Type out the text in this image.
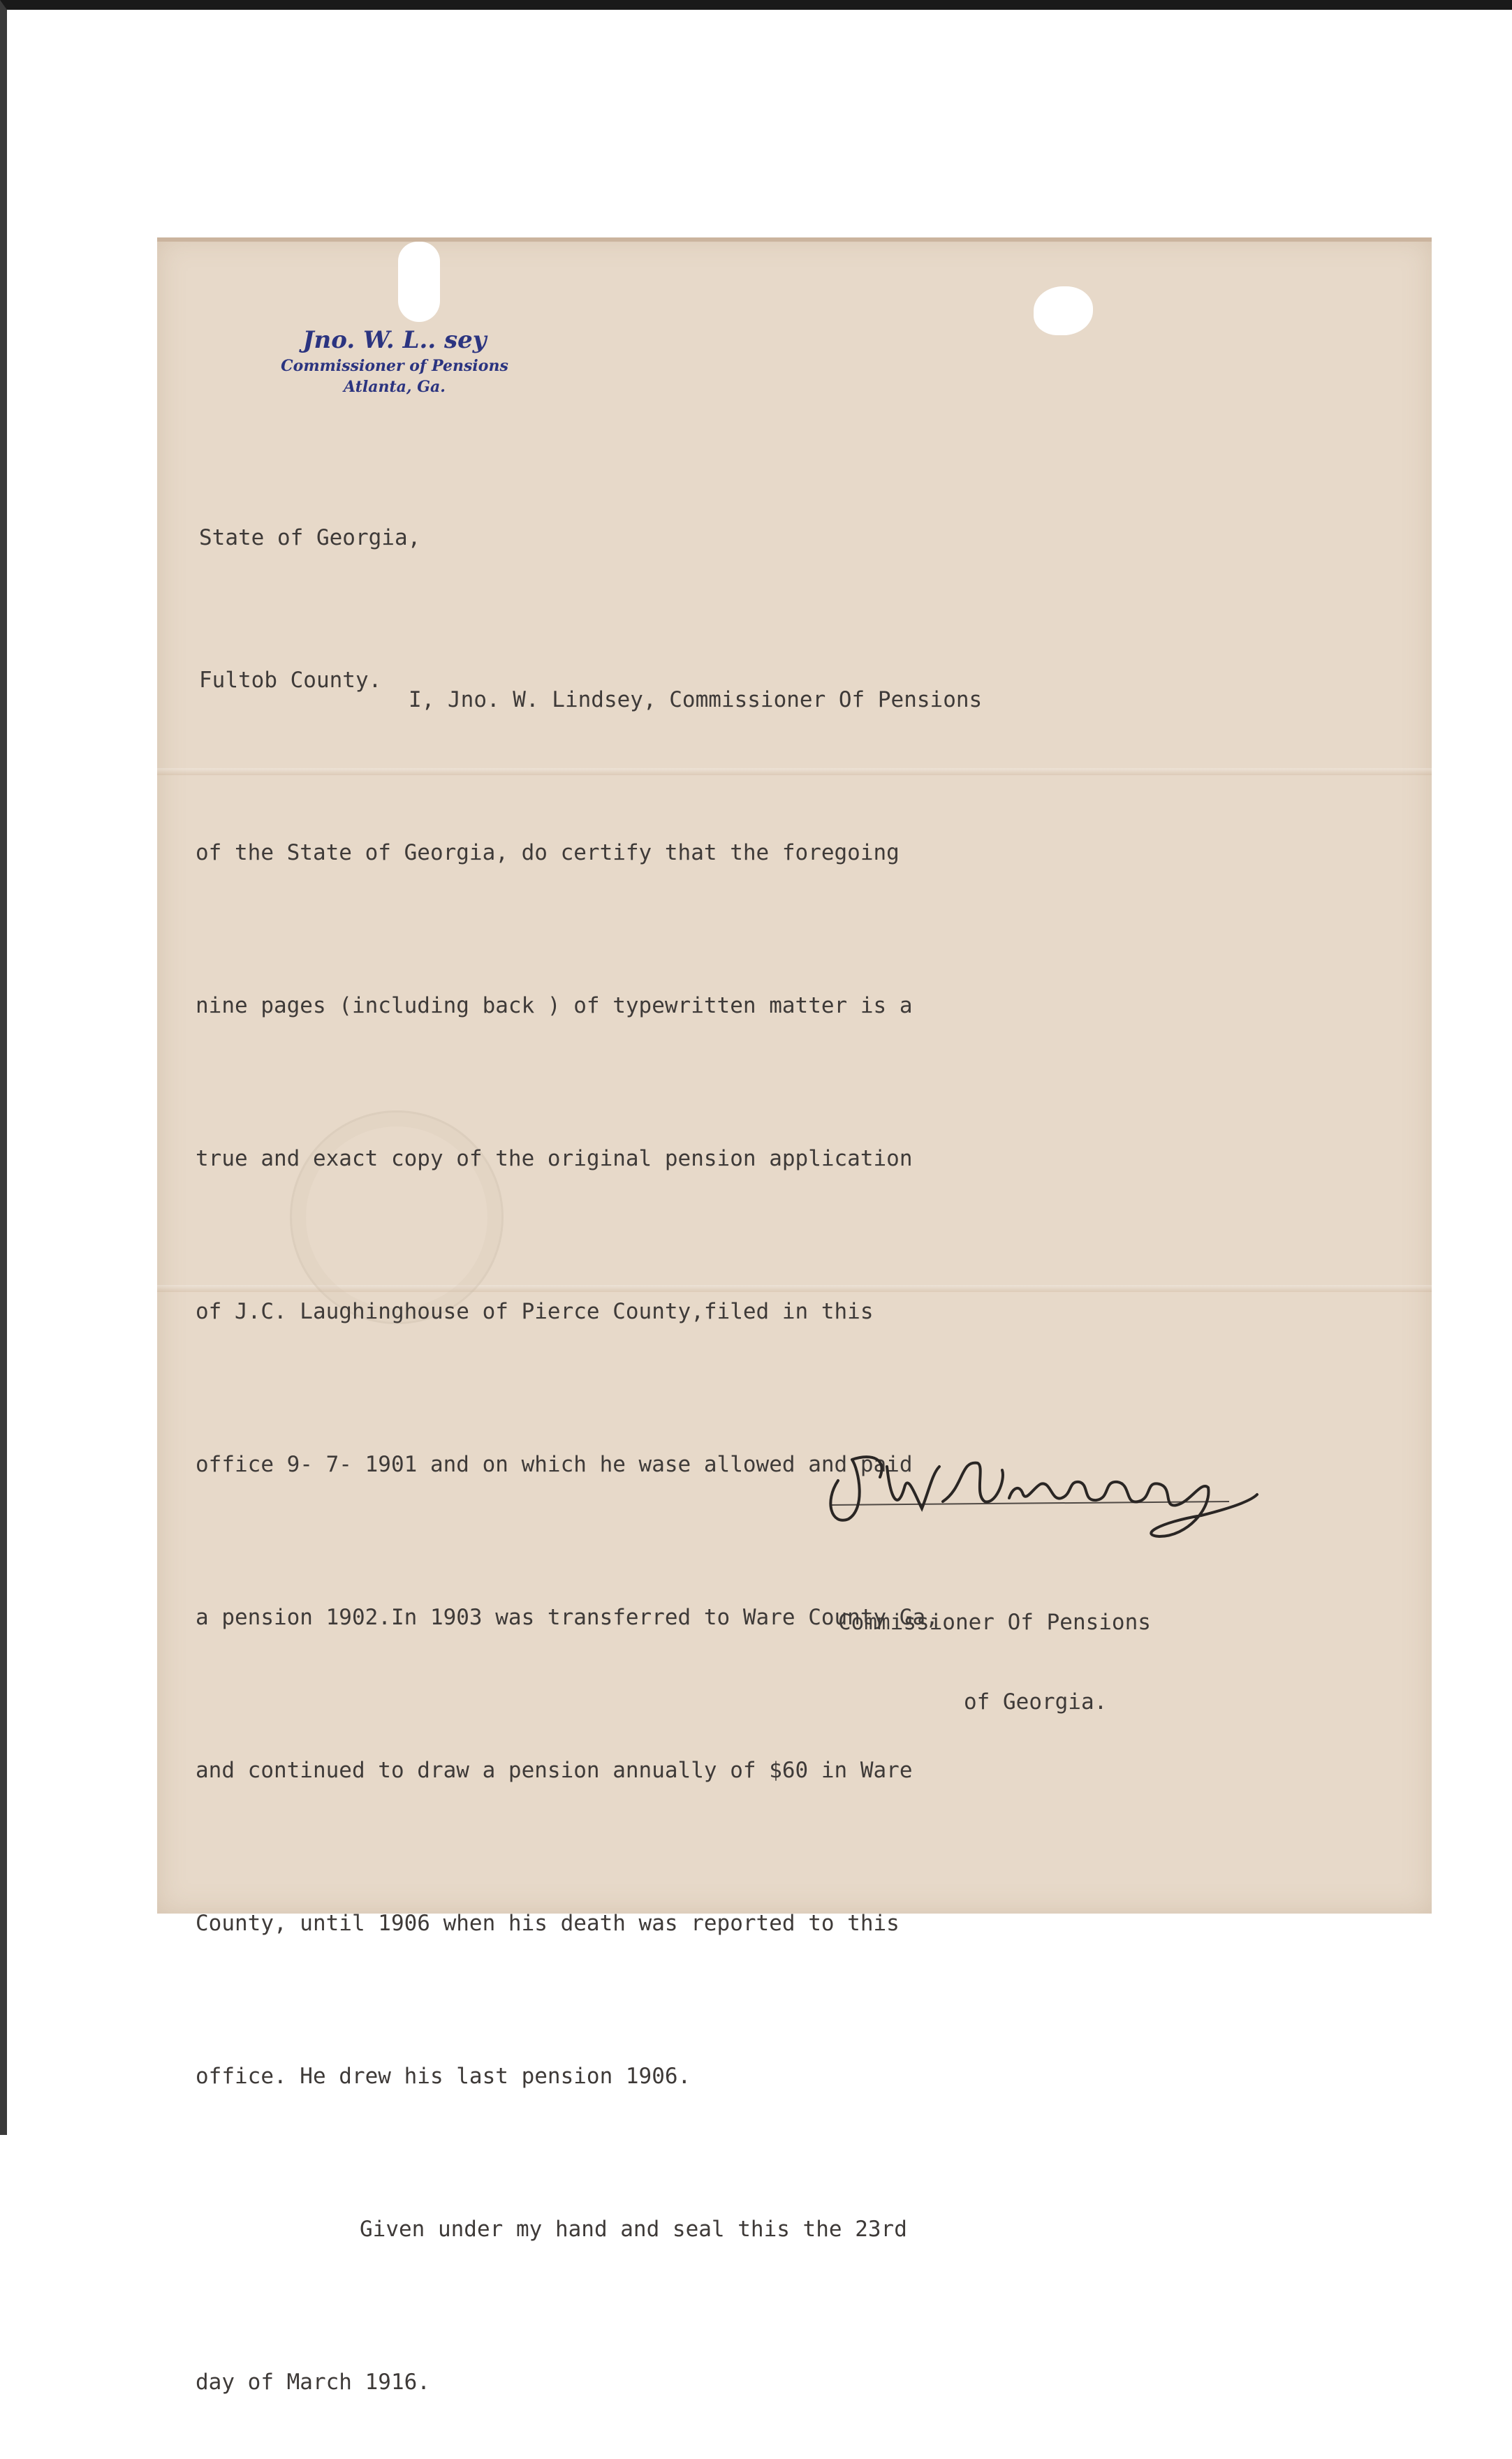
Jno. W. L.. sey
Commissioner of Pensions
Atlanta, Ga.

State of Georgia,

Fultob County.

I, Jno. W. Lindsey, Commissioner Of Pensions

of the State of Georgia, do certify that the foregoing

nine pages (including back ) of typewritten matter is a

true and exact copy of the original pension application

of J.C. Laughinghouse of Pierce County,filed in this

office 9- 7- 1901 and on which he wase allowed and paid

a pension 1902.In 1903 was transferred to Ware County Ga,

and continued to draw a pension annually of $60 in Ware

County, until 1906 when his death was reported to this

office. He drew his last pension 1906.

Given under my hand and seal this the 23rd

day of March 1916.

Commissioner Of Pensions

of Georgia.
